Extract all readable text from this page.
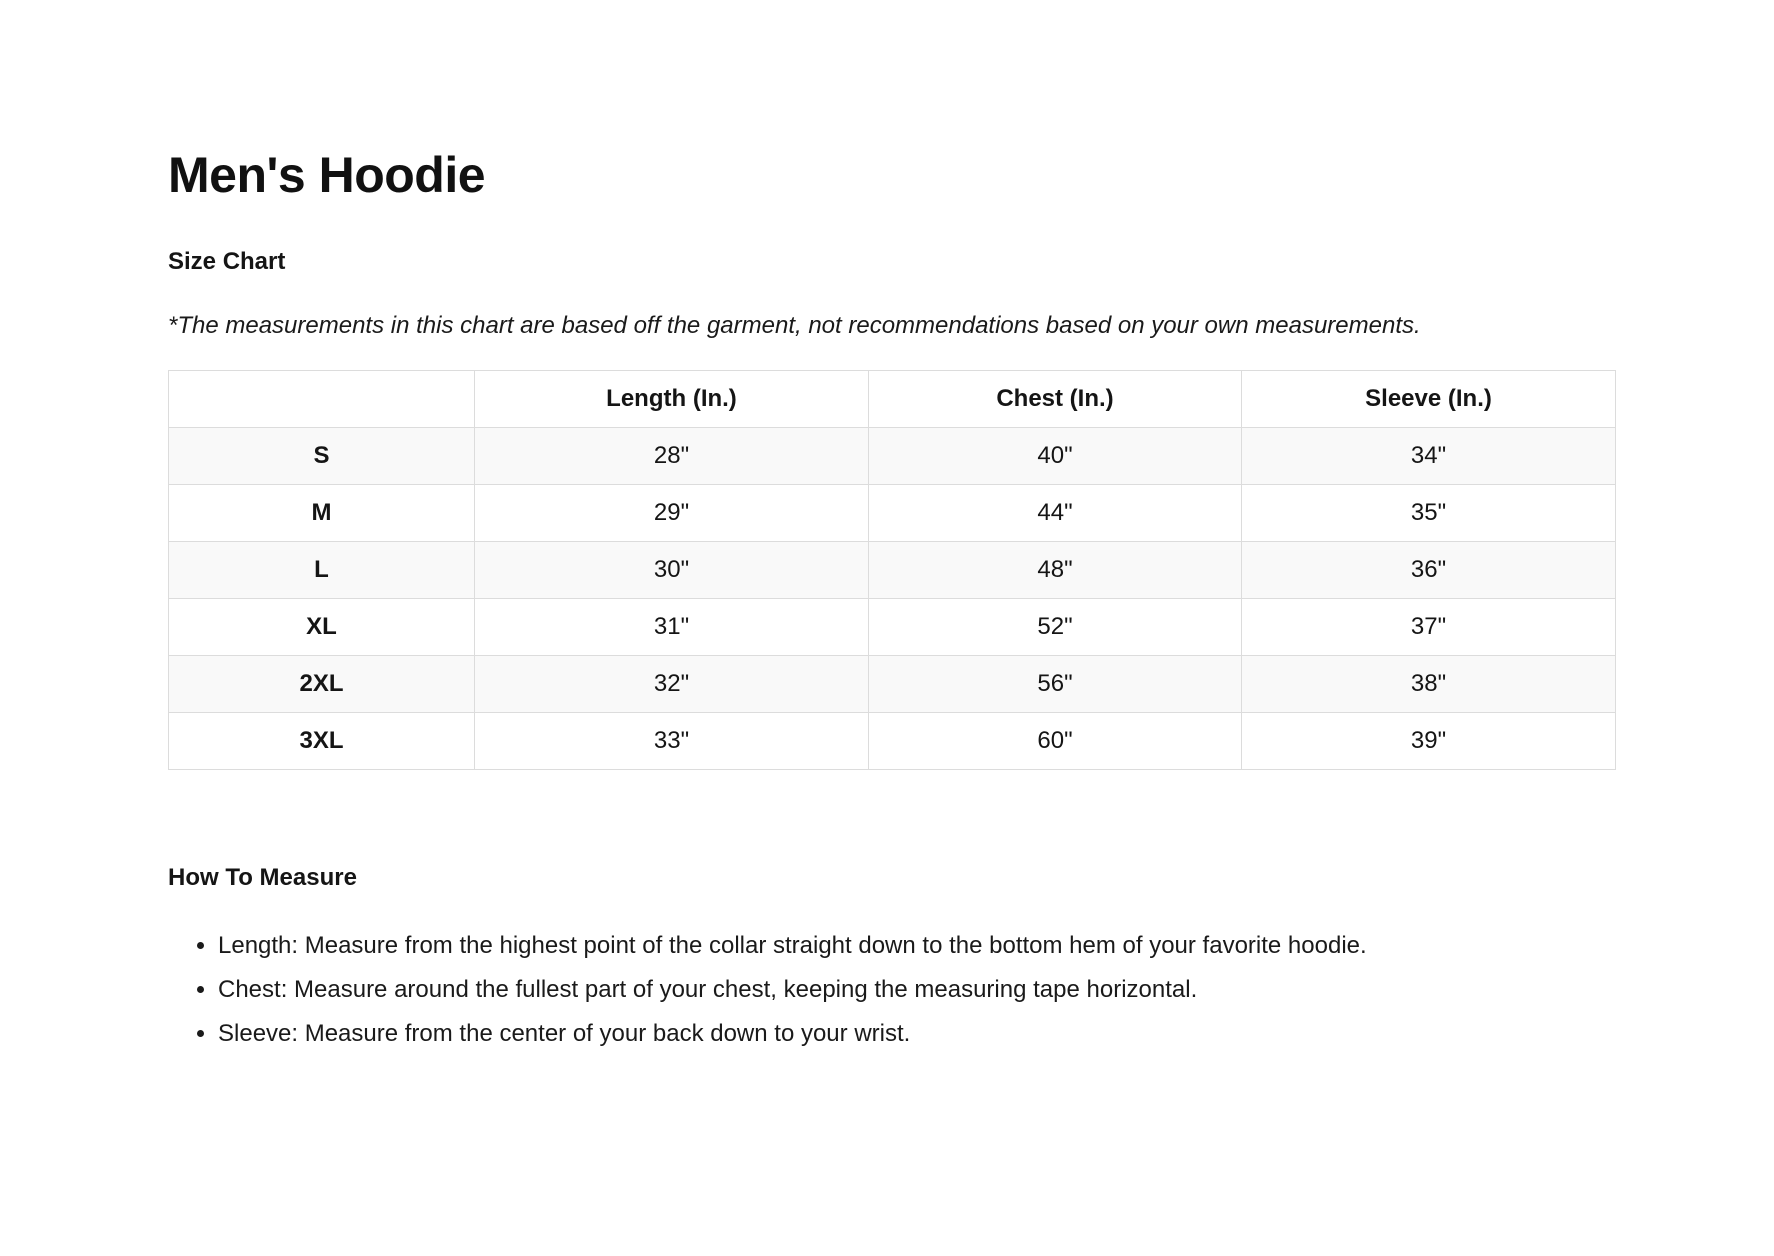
Men's Hoodie
Size Chart

*The measurements in this chart are based off the garment, not recommendations based on your own measurements.

	Length (In.)	Chest (In.)	Sleeve (In.)
S	28"	40"	34"
M	29"	44"	35"
L	30"	48"	36"
XL	31"	52"	37"
2XL	32"	56"	38"
3XL	33"	60"	39"
How To Measure
• Length: Measure from the highest point of the collar straight down to the bottom hem of your favorite hoodie.
• Chest: Measure around the fullest part of your chest, keeping the measuring tape horizontal.
• Sleeve: Measure from the center of your back down to your wrist.
